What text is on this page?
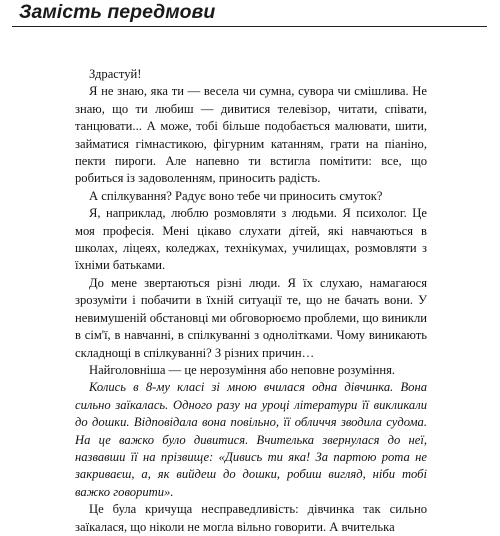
Замість передмови

Здрастуй!

Я не знаю, яка ти — весела чи сумна, сувора чи смішлива. Не знаю, що ти любиш — дивитися телевізор, читати, співати, танцювати... А може, тобі більше подобається малювати, шити, займатися гімнастикою, фігурним катанням, грати на піаніно, пекти пироги. Але напевно ти встигла помітити: все, що робиться із задоволенням, приносить радість.

А спілкування? Радує воно тебе чи приносить смуток?

Я, наприклад, люблю розмовляти з людьми. Я психолог. Це моя професія. Мені цікаво слухати дітей, які навчаються в школах, ліцеях, коледжах, технікумах, училищах, розмовляти з їхніми батьками.

До мене звертаються різні люди. Я їх слухаю, намагаюся зрозуміти і побачити в їхній ситуації те, що не бачать вони. У невимушеній обстановці ми обговорюємо проблеми, що виникли в сім'ї, в навчанні, в спілкуванні з однолітками. Чому виникають складнощі в спілкуванні? З різних причин…

Найголовніша — це нерозуміння або неповне розуміння.

Колись в 8-му класі зі мною вчилася одна дівчинка. Вона сильно заїкалась. Одного разу на уроці літератури її викликали до дошки. Відповідала вона повільно, її обличчя зводила судома. На це важко було дивитися. Вчителька звернулася до неї, назвавши її на прізвище: «Дивись ти яка! За партою рота не закриваєш, а, як вийдеш до дошки, робиш вигляд, ніби тобі важко говорити».

Це була кричуща несправедливість: дівчинка так сильно заїкалася, що ніколи не могла вільно говорити. А вчителька
